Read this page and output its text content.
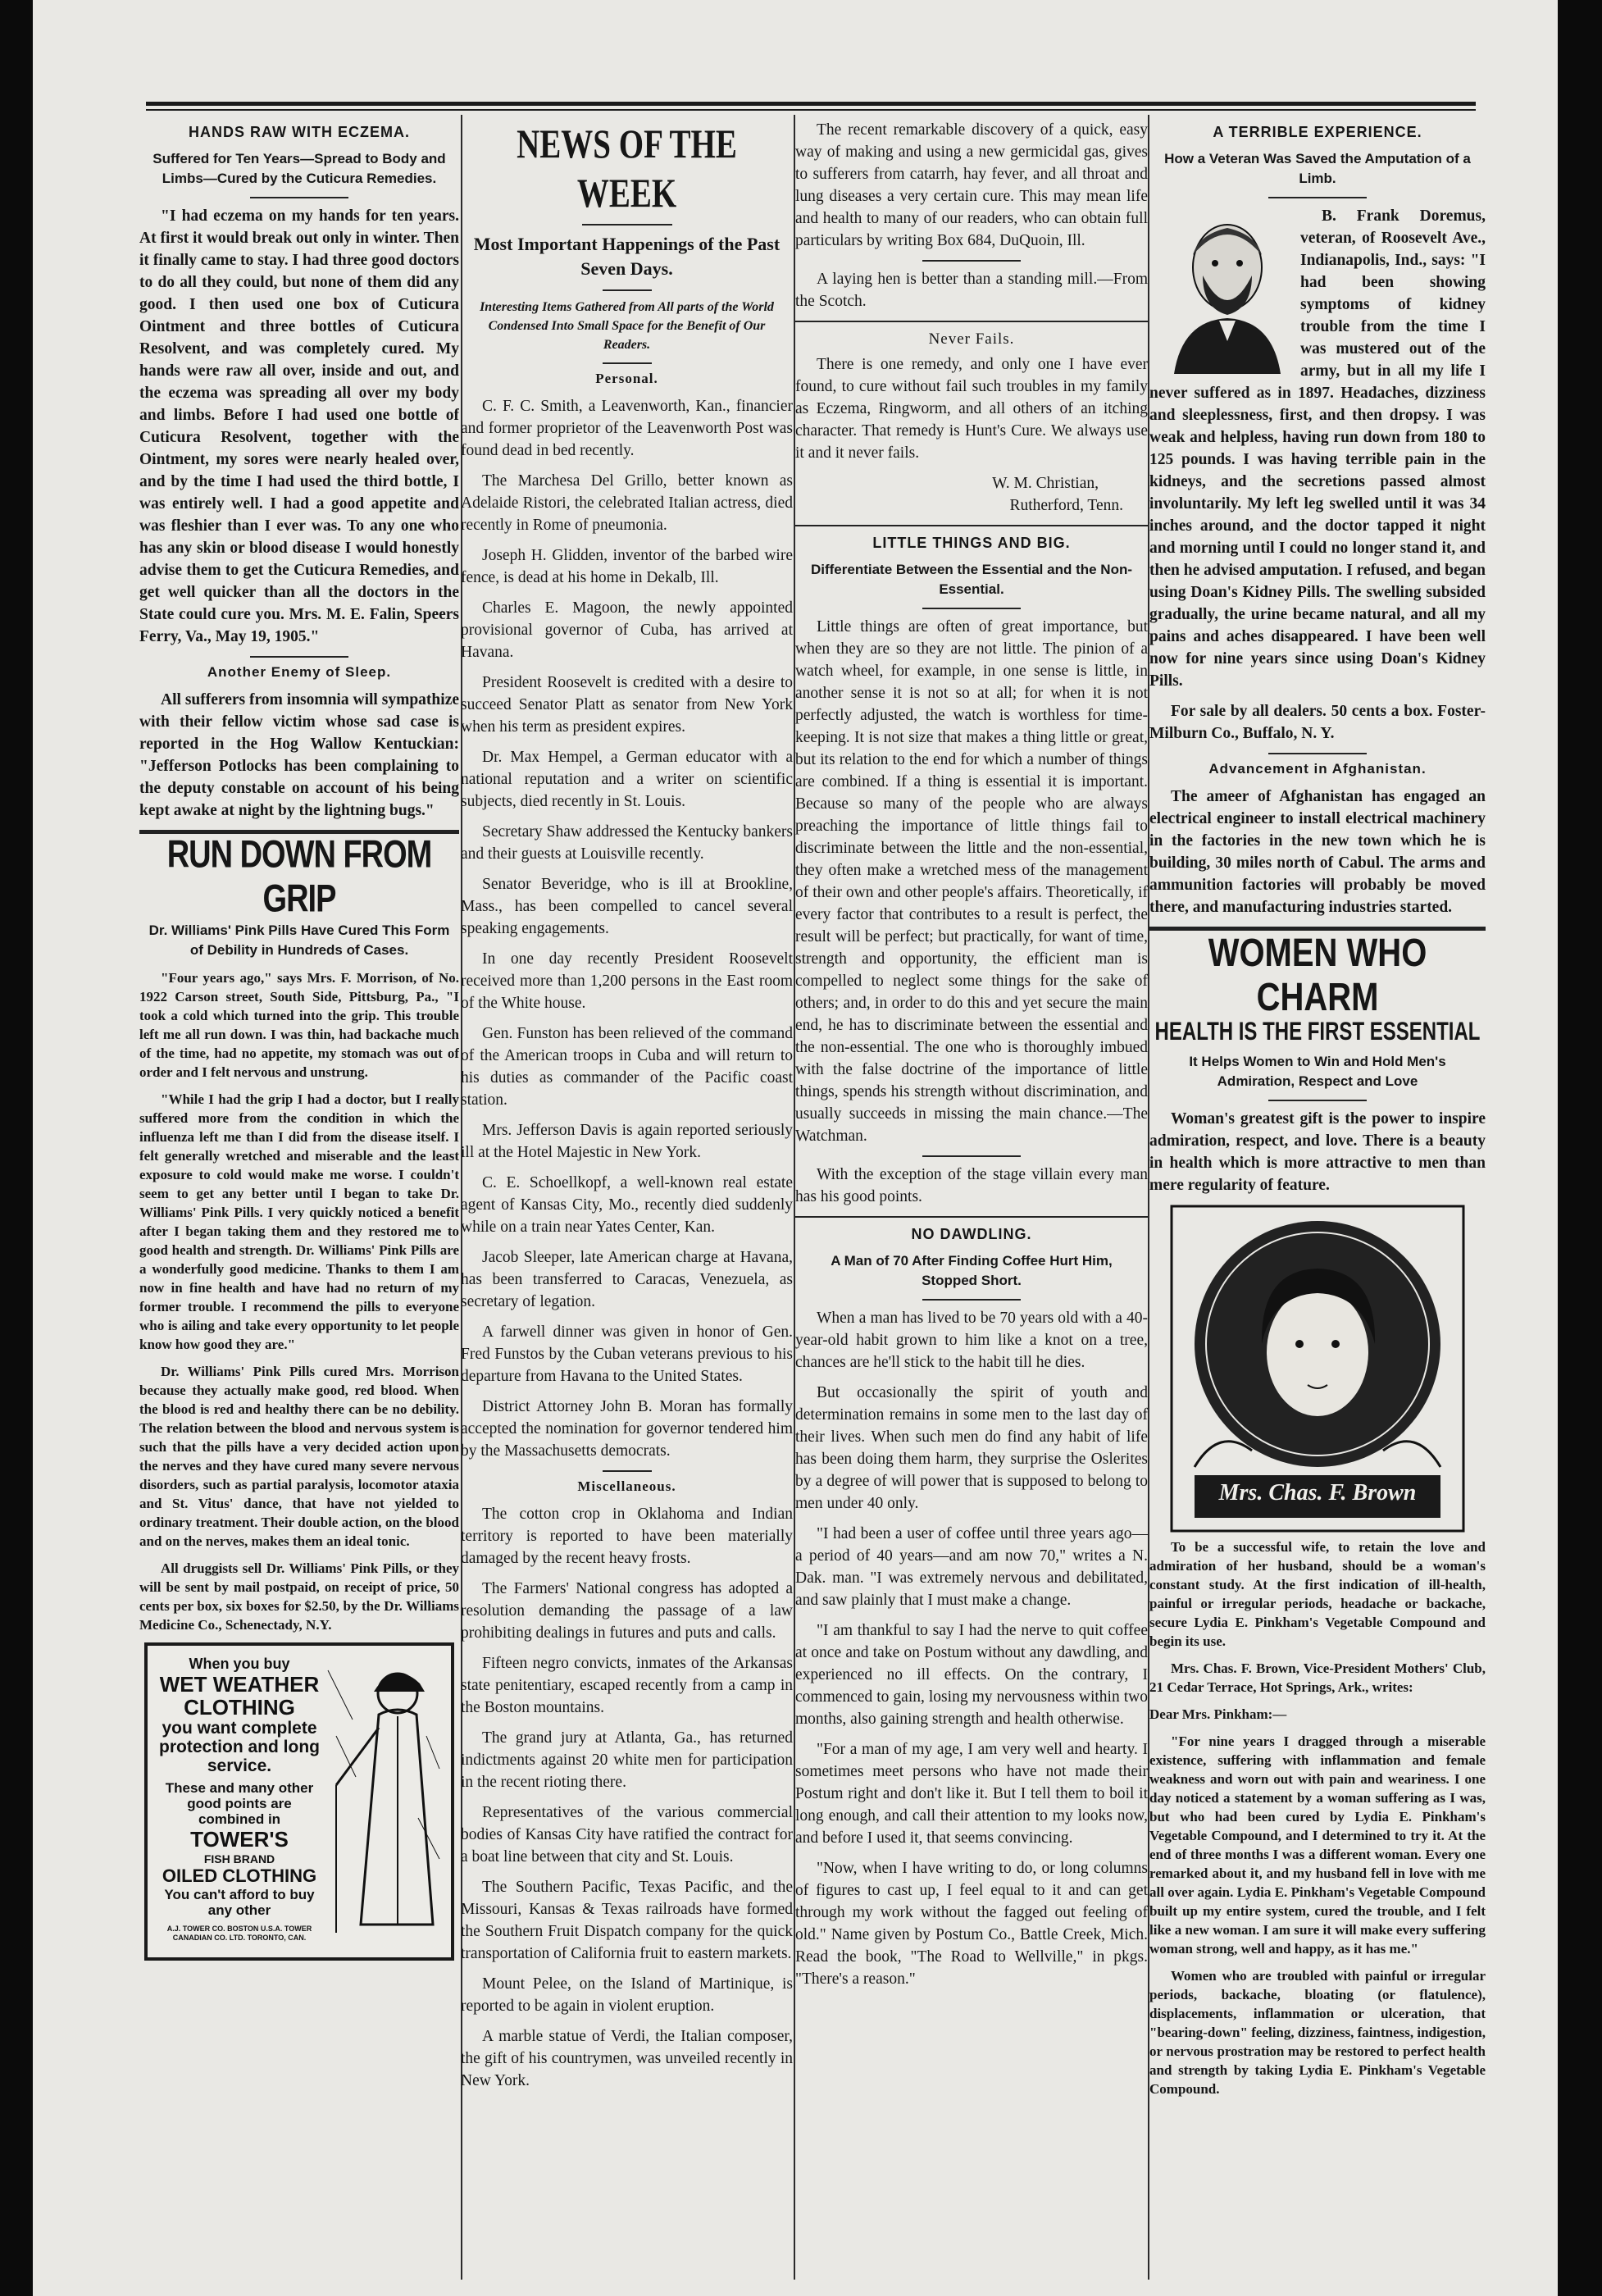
HANDS RAW WITH ECZEMA.
Suffered for Ten Years—Spread to Body and Limbs—Cured by the Cuticura Remedies.

"I had eczema on my hands for ten years. At first it would break out only in winter. Then it finally came to stay. I had three good doctors to do all they could, but none of them did any good. I then used one box of Cuticura Ointment and three bottles of Cuticura Resolvent, and was completely cured. My hands were raw all over, inside and out, and the eczema was spreading all over my body and limbs. Before I had used one bottle of Cuticura Resolvent, together with the Ointment, my sores were nearly healed over, and by the time I had used the third bottle, I was entirely well. I had a good appetite and was fleshier than I ever was. To any one who has any skin or blood disease I would honestly advise them to get the Cuticura Remedies, and get well quicker than all the doctors in the State could cure you. Mrs. M. E. Falin, Speers Ferry, Va., May 19, 1905."

Another Enemy of Sleep.

All sufferers from insomnia will sympathize with their fellow victim whose sad case is reported in the Hog Wallow Kentuckian: "Jefferson Potlocks has been complaining to the deputy constable on account of his being kept awake at night by the lightning bugs."

RUN DOWN FROM GRIP
Dr. Williams' Pink Pills Have Cured This Form of Debility in Hundreds of Cases.

"Four years ago," says Mrs. F. Morrison, of No. 1922 Carson street, South Side, Pittsburg, Pa., "I took a cold which turned into the grip. This trouble left me all run down. I was thin, had backache much of the time, had no appetite, my stomach was out of order and I felt nervous and unstrung.

"While I had the grip I had a doctor, but I really suffered more from the condition in which the influenza left me than I did from the disease itself. I felt generally wretched and miserable and the least exposure to cold would make me worse. I couldn't seem to get any better until I began to take Dr. Williams' Pink Pills. I very quickly noticed a benefit after I began taking them and they restored me to good health and strength. Dr. Williams' Pink Pills are a wonderfully good medicine. Thanks to them I am now in fine health and have had no return of my former trouble. I recommend the pills to everyone who is ailing and take every opportunity to let people know how good they are."

Dr. Williams' Pink Pills cured Mrs. Morrison because they actually make good, red blood. When the blood is red and healthy there can be no debility. The relation between the blood and nervous system is such that the pills have a very decided action upon the nerves and they have cured many severe nervous disorders, such as partial paralysis, locomotor ataxia and St. Vitus' dance, that have not yielded to ordinary treatment. Their double action, on the blood and on the nerves, makes them an ideal tonic.

All druggists sell Dr. Williams' Pink Pills, or they will be sent by mail postpaid, on receipt of price, 50 cents per box, six boxes for $2.50, by the Dr. Williams Medicine Co., Schenectady, N.Y.

When you buy
WET WEATHER CLOTHING
you want complete protection and long service.
These and many other good points are combined in
TOWER'S
FISH BRAND
OILED CLOTHING
You can't afford to buy any other
A.J. TOWER CO. BOSTON U.S.A. TOWER CANADIAN CO. LTD. TORONTO, CAN.
NEWS OF THE WEEK
Most Important Happenings of the Past Seven Days.
Interesting Items Gathered from All parts of the World Condensed Into Small Space for the Benefit of Our Readers.
Personal.

C. F. C. Smith, a Leavenworth, Kan., financier and former proprietor of the Leavenworth Post was found dead in bed recently.

The Marchesa Del Grillo, better known as Adelaide Ristori, the celebrated Italian actress, died recently in Rome of pneumonia.

Joseph H. Glidden, inventor of the barbed wire fence, is dead at his home in Dekalb, Ill.

Charles E. Magoon, the newly appointed provisional governor of Cuba, has arrived at Havana.

President Roosevelt is credited with a desire to succeed Senator Platt as senator from New York when his term as president expires.

Dr. Max Hempel, a German educator with a national reputation and a writer on scientific subjects, died recently in St. Louis.

Secretary Shaw addressed the Kentucky bankers and their guests at Louisville recently.

Senator Beveridge, who is ill at Brookline, Mass., has been compelled to cancel several speaking engagements.

In one day recently President Roosevelt received more than 1,200 persons in the East room of the White house.

Gen. Funston has been relieved of the command of the American troops in Cuba and will return to his duties as commander of the Pacific coast station.

Mrs. Jefferson Davis is again reported seriously ill at the Hotel Majestic in New York.

C. E. Schoellkopf, a well-known real estate agent of Kansas City, Mo., recently died suddenly while on a train near Yates Center, Kan.

Jacob Sleeper, late American charge at Havana, has been transferred to Caracas, Venezuela, as secretary of legation.

A farwell dinner was given in honor of Gen. Fred Funstos by the Cuban veterans previous to his departure from Havana to the United States.

District Attorney John B. Moran has formally accepted the nomination for governor tendered him by the Massachusetts democrats.

Miscellaneous.

The cotton crop in Oklahoma and Indian territory is reported to have been materially damaged by the recent heavy frosts.

The Farmers' National congress has adopted a resolution demanding the passage of a law prohibiting dealings in futures and puts and calls.

Fifteen negro convicts, inmates of the Arkansas state penitentiary, escaped recently from a camp in the Boston mountains.

The grand jury at Atlanta, Ga., has returned indictments against 20 white men for participation in the recent rioting there.

Representatives of the various commercial bodies of Kansas City have ratified the contract for a boat line between that city and St. Louis.

The Southern Pacific, Texas Pacific, and the Missouri, Kansas & Texas railroads have formed the Southern Fruit Dispatch company for the quick transportation of California fruit to eastern markets.

Mount Pelee, on the Island of Martinique, is reported to be again in violent eruption.

A marble statue of Verdi, the Italian composer, the gift of his countrymen, was unveiled recently in New York.

The recent remarkable discovery of a quick, easy way of making and using a new germicidal gas, gives to sufferers from catarrh, hay fever, and all throat and lung diseases a very certain cure. This may mean life and health to many of our readers, who can obtain full particulars by writing Box 684, DuQuoin, Ill.

A laying hen is better than a standing mill.—From the Scotch.

Never Fails.

There is one remedy, and only one I have ever found, to cure without fail such troubles in my family as Eczema, Ringworm, and all others of an itching character. That remedy is Hunt's Cure. We always use it and it never fails.

W. M. Christian,

Rutherford, Tenn.

LITTLE THINGS AND BIG.
Differentiate Between the Essential and the Non-Essential.

Little things are often of great importance, but when they are so they are not little. The pinion of a watch wheel, for example, in one sense is little, in another sense it is not so at all; for when it is not perfectly adjusted, the watch is worthless for time-keeping. It is not size that makes a thing little or great, but its relation to the end for which a number of things are combined. If a thing is essential it is important. Because so many of the people who are always preaching the importance of little things fail to discriminate between the little and the non-essential, they often make a wretched mess of the management of their own and other people's affairs. Theoretically, if every factor that contributes to a result is perfect, the result will be perfect; but practically, for want of time, strength and opportunity, the efficient man is compelled to neglect some things for the sake of others; and, in order to do this and yet secure the main end, he has to discriminate between the essential and the non-essential. The one who is thoroughly imbued with the false doctrine of the importance of little things, spends his strength without discrimination, and usually succeeds in missing the main chance.—The Watchman.

With the exception of the stage villain every man has his good points.

NO DAWDLING.
A Man of 70 After Finding Coffee Hurt Him, Stopped Short.

When a man has lived to be 70 years old with a 40-year-old habit grown to him like a knot on a tree, chances are he'll stick to the habit till he dies.

But occasionally the spirit of youth and determination remains in some men to the last day of their lives. When such men do find any habit of life has been doing them harm, they surprise the Oslerites by a degree of will power that is supposed to belong to men under 40 only.

"I had been a user of coffee until three years ago—a period of 40 years—and am now 70," writes a N. Dak. man. "I was extremely nervous and debilitated, and saw plainly that I must make a change.

"I am thankful to say I had the nerve to quit coffee at once and take on Postum without any dawdling, and experienced no ill effects. On the contrary, I commenced to gain, losing my nervousness within two months, also gaining strength and health otherwise.

"For a man of my age, I am very well and hearty. I sometimes meet persons who have not made their Postum right and don't like it. But I tell them to boil it long enough, and call their attention to my looks now, and before I used it, that seems convincing.

"Now, when I have writing to do, or long columns of figures to cast up, I feel equal to it and can get through my work without the fagged out feeling of old." Name given by Postum Co., Battle Creek, Mich. Read the book, "The Road to Wellville," in pkgs. "There's a reason."

A TERRIBLE EXPERIENCE.
How a Veteran Was Saved the Amputation of a Limb.

B. Frank Doremus, veteran, of Roosevelt Ave., Indianapolis, Ind., says: "I had been showing symptoms of kidney trouble from the time I was mustered out of the army, but in all my life I never suffered as in 1897. Headaches, dizziness and sleeplessness, first, and then dropsy. I was weak and helpless, having run down from 180 to 125 pounds. I was having terrible pain in the kidneys, and the secretions passed almost involuntarily. My left leg swelled until it was 34 inches around, and the doctor tapped it night and morning until I could no longer stand it, and then he advised amputation. I refused, and began using Doan's Kidney Pills. The swelling subsided gradually, the urine became natural, and all my pains and aches disappeared. I have been well now for nine years since using Doan's Kidney Pills.

For sale by all dealers. 50 cents a box. Foster-Milburn Co., Buffalo, N. Y.

Advancement in Afghanistan.

The ameer of Afghanistan has engaged an electrical engineer to install electrical machinery in the factories in the new town which he is building, 30 miles north of Cabul. The arms and ammunition factories will probably be moved there, and manufacturing industries started.

WOMEN WHO CHARM
HEALTH IS THE FIRST ESSENTIAL
It Helps Women to Win and Hold Men's Admiration, Respect and Love

Woman's greatest gift is the power to inspire admiration, respect, and love. There is a beauty in health which is more attractive to men than mere regularity of feature.

Mrs. Chas. F. Brown

To be a successful wife, to retain the love and admiration of her husband, should be a woman's constant study. At the first indication of ill-health, painful or irregular periods, headache or backache, secure Lydia E. Pinkham's Vegetable Compound and begin its use.

Mrs. Chas. F. Brown, Vice-President Mothers' Club, 21 Cedar Terrace, Hot Springs, Ark., writes:

Dear Mrs. Pinkham:—

"For nine years I dragged through a miserable existence, suffering with inflammation and female weakness and worn out with pain and weariness. I one day noticed a statement by a woman suffering as I was, but who had been cured by Lydia E. Pinkham's Vegetable Compound, and I determined to try it. At the end of three months I was a different woman. Every one remarked about it, and my husband fell in love with me all over again. Lydia E. Pinkham's Vegetable Compound built up my entire system, cured the trouble, and I felt like a new woman. I am sure it will make every suffering woman strong, well and happy, as it has me."

Women who are troubled with painful or irregular periods, backache, bloating (or flatulence), displacements, inflammation or ulceration, that "bearing-down" feeling, dizziness, faintness, indigestion, or nervous prostration may be restored to perfect health and strength by taking Lydia E. Pinkham's Vegetable Compound.
